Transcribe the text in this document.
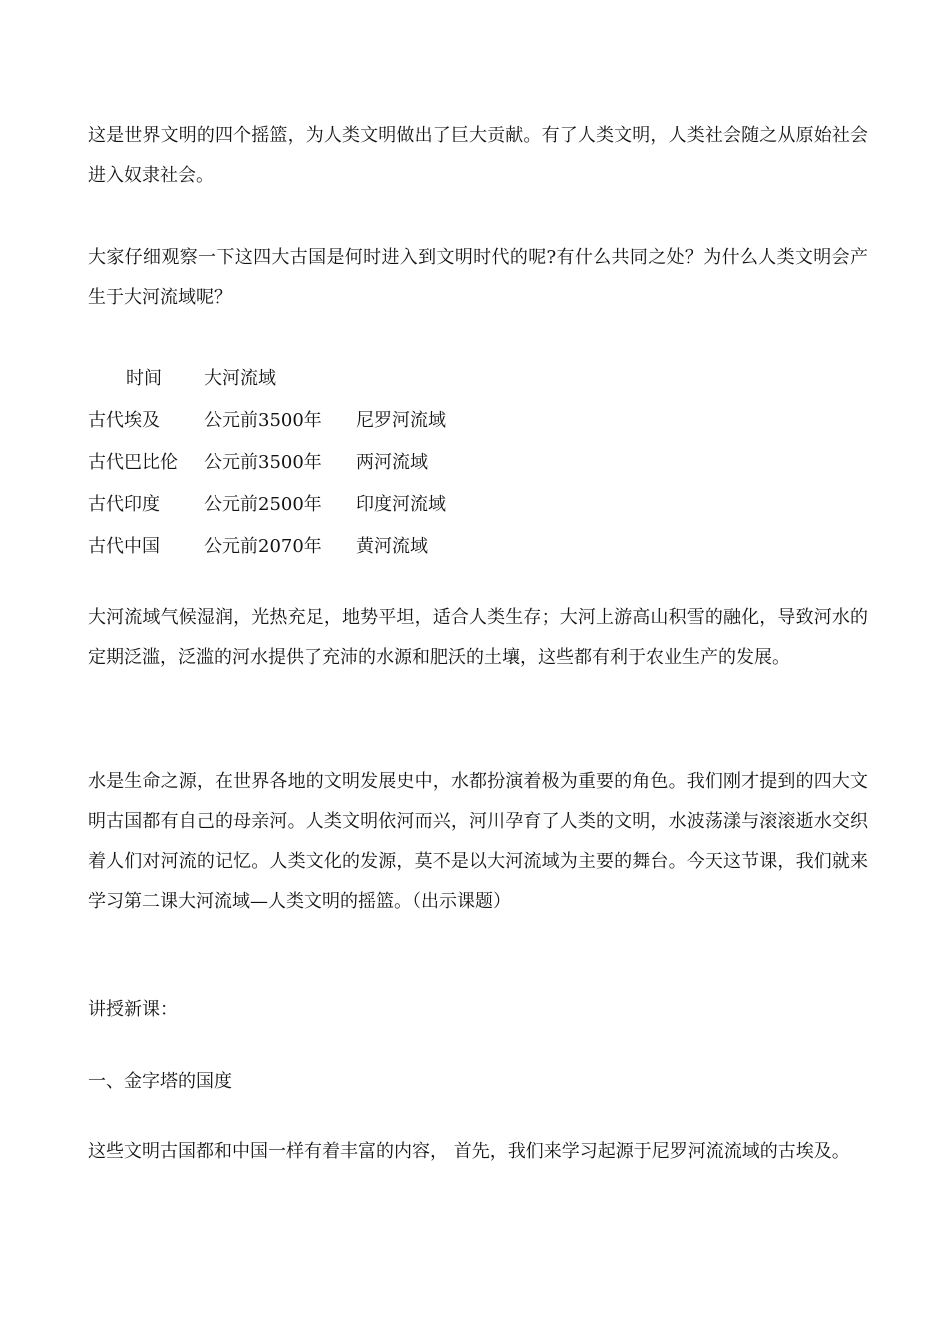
这是世界文明的四个摇篮，为人类文明做出了巨大贡献。有了人类文明，人类社会随之从原始社会进入奴隶社会。

大家仔细观察一下这四大古国是何时进入到文明时代的呢?有什么共同之处？为什么人类文明会产生于大河流域呢？

时间 大河流域
古代埃及 公元前3500年 尼罗河流域
古代巴比伦 公元前3500年 两河流域
古代印度 公元前2500年 印度河流域
古代中国 公元前2070年 黄河流域

大河流域气候湿润，光热充足，地势平坦，适合人类生存；大河上游高山积雪的融化，导致河水的定期泛滥，泛滥的河水提供了充沛的水源和肥沃的土壤，这些都有利于农业生产的发展。

水是生命之源，在世界各地的文明发展史中，水都扮演着极为重要的角色。我们刚才提到的四大文明古国都有自己的母亲河。人类文明依河而兴，河川孕育了人类的文明，水波荡漾与滚滚逝水交织着人们对河流的记忆。人类文化的发源，莫不是以大河流域为主要的舞台。今天这节课，我们就来学习第二课大河流域—人类文明的摇篮。（出示课题）

讲授新课：

一、金字塔的国度

这些文明古国都和中国一样有着丰富的内容， 首先，我们来学习起源于尼罗河流流域的古埃及。
